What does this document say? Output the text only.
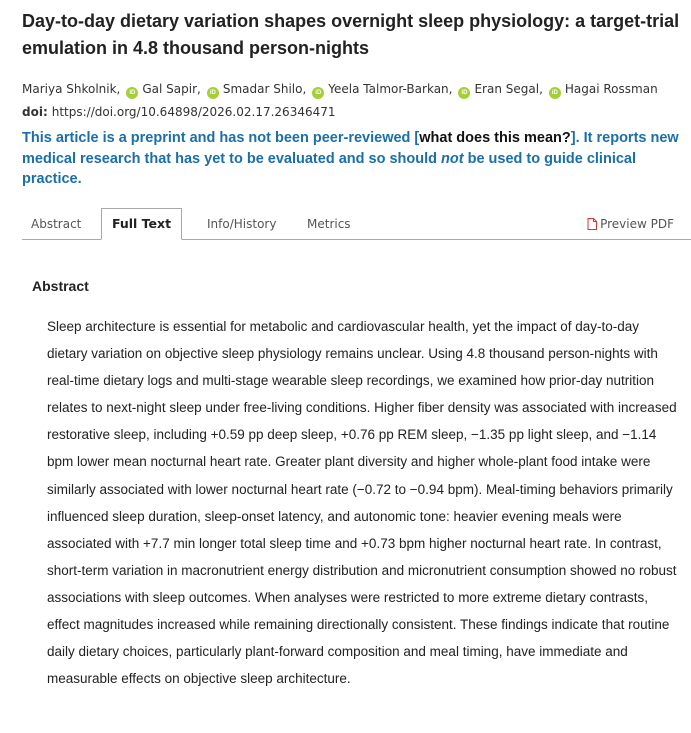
Day-to-day dietary variation shapes overnight sleep physiology: a target-trial emulation in 4.8 thousand person-nights
Mariya Shkolnik, iD Gal Sapir, iD Smadar Shilo, iD Yeela Talmor-Barkan, iD Eran Segal, iD Hagai Rossman
doi: https://doi.org/10.64898/2026.02.17.26346471
This article is a preprint and has not been peer-reviewed [what does this mean?]. It reports new medical research that has yet to be evaluated and so should not be used to guide clinical practice.
Abstract	Full Text	Info/History	Metrics	Preview PDF
Abstract

Sleep architecture is essential for metabolic and cardiovascular health, yet the impact of day-to-day dietary variation on objective sleep physiology remains unclear. Using 4.8 thousand person-nights with real-time dietary logs and multi-stage wearable sleep recordings, we examined how prior-day nutrition relates to next-night sleep under free-living conditions. Higher fiber density was associated with increased restorative sleep, including +0.59 pp deep sleep, +0.76 pp REM sleep, −1.35 pp light sleep, and −1.14 bpm lower mean nocturnal heart rate. Greater plant diversity and higher whole-plant food intake were similarly associated with lower nocturnal heart rate (−0.72 to −0.94 bpm). Meal-timing behaviors primarily influenced sleep duration, sleep-onset latency, and autonomic tone: heavier evening meals were associated with +7.7 min longer total sleep time and +0.73 bpm higher nocturnal heart rate. In contrast, short-term variation in macronutrient energy distribution and micronutrient consumption showed no robust associations with sleep outcomes. When analyses were restricted to more extreme dietary contrasts, effect magnitudes increased while remaining directionally consistent. These findings indicate that routine daily dietary choices, particularly plant-forward composition and meal timing, have immediate and measurable effects on objective sleep architecture.
